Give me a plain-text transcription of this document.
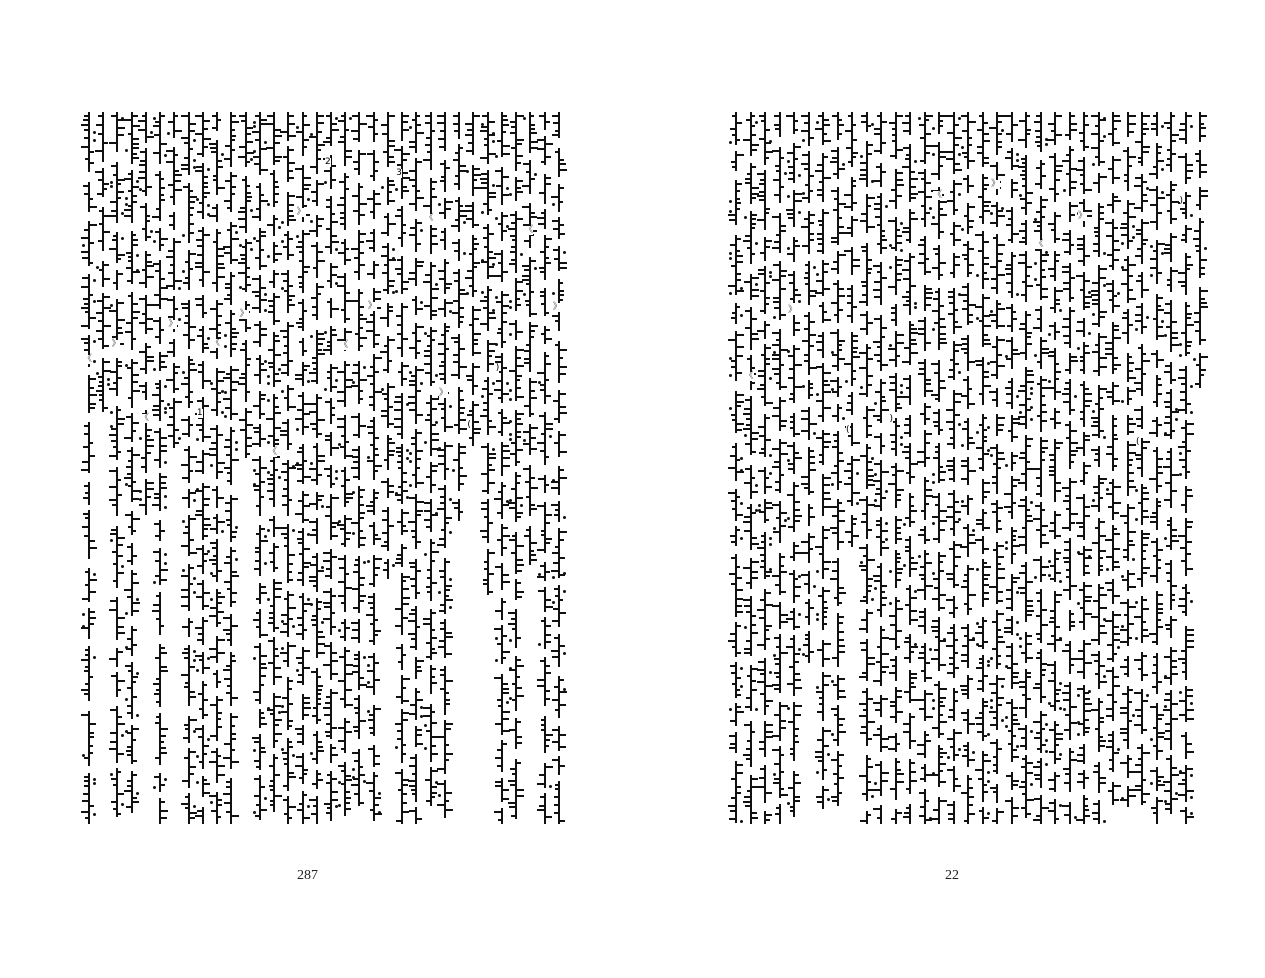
《
》
《
》
1
《
》
《
》
2
《
》
3
《
》
(
)
《
》
287
《
》
(
)
《
》
《
》
(
)
22
